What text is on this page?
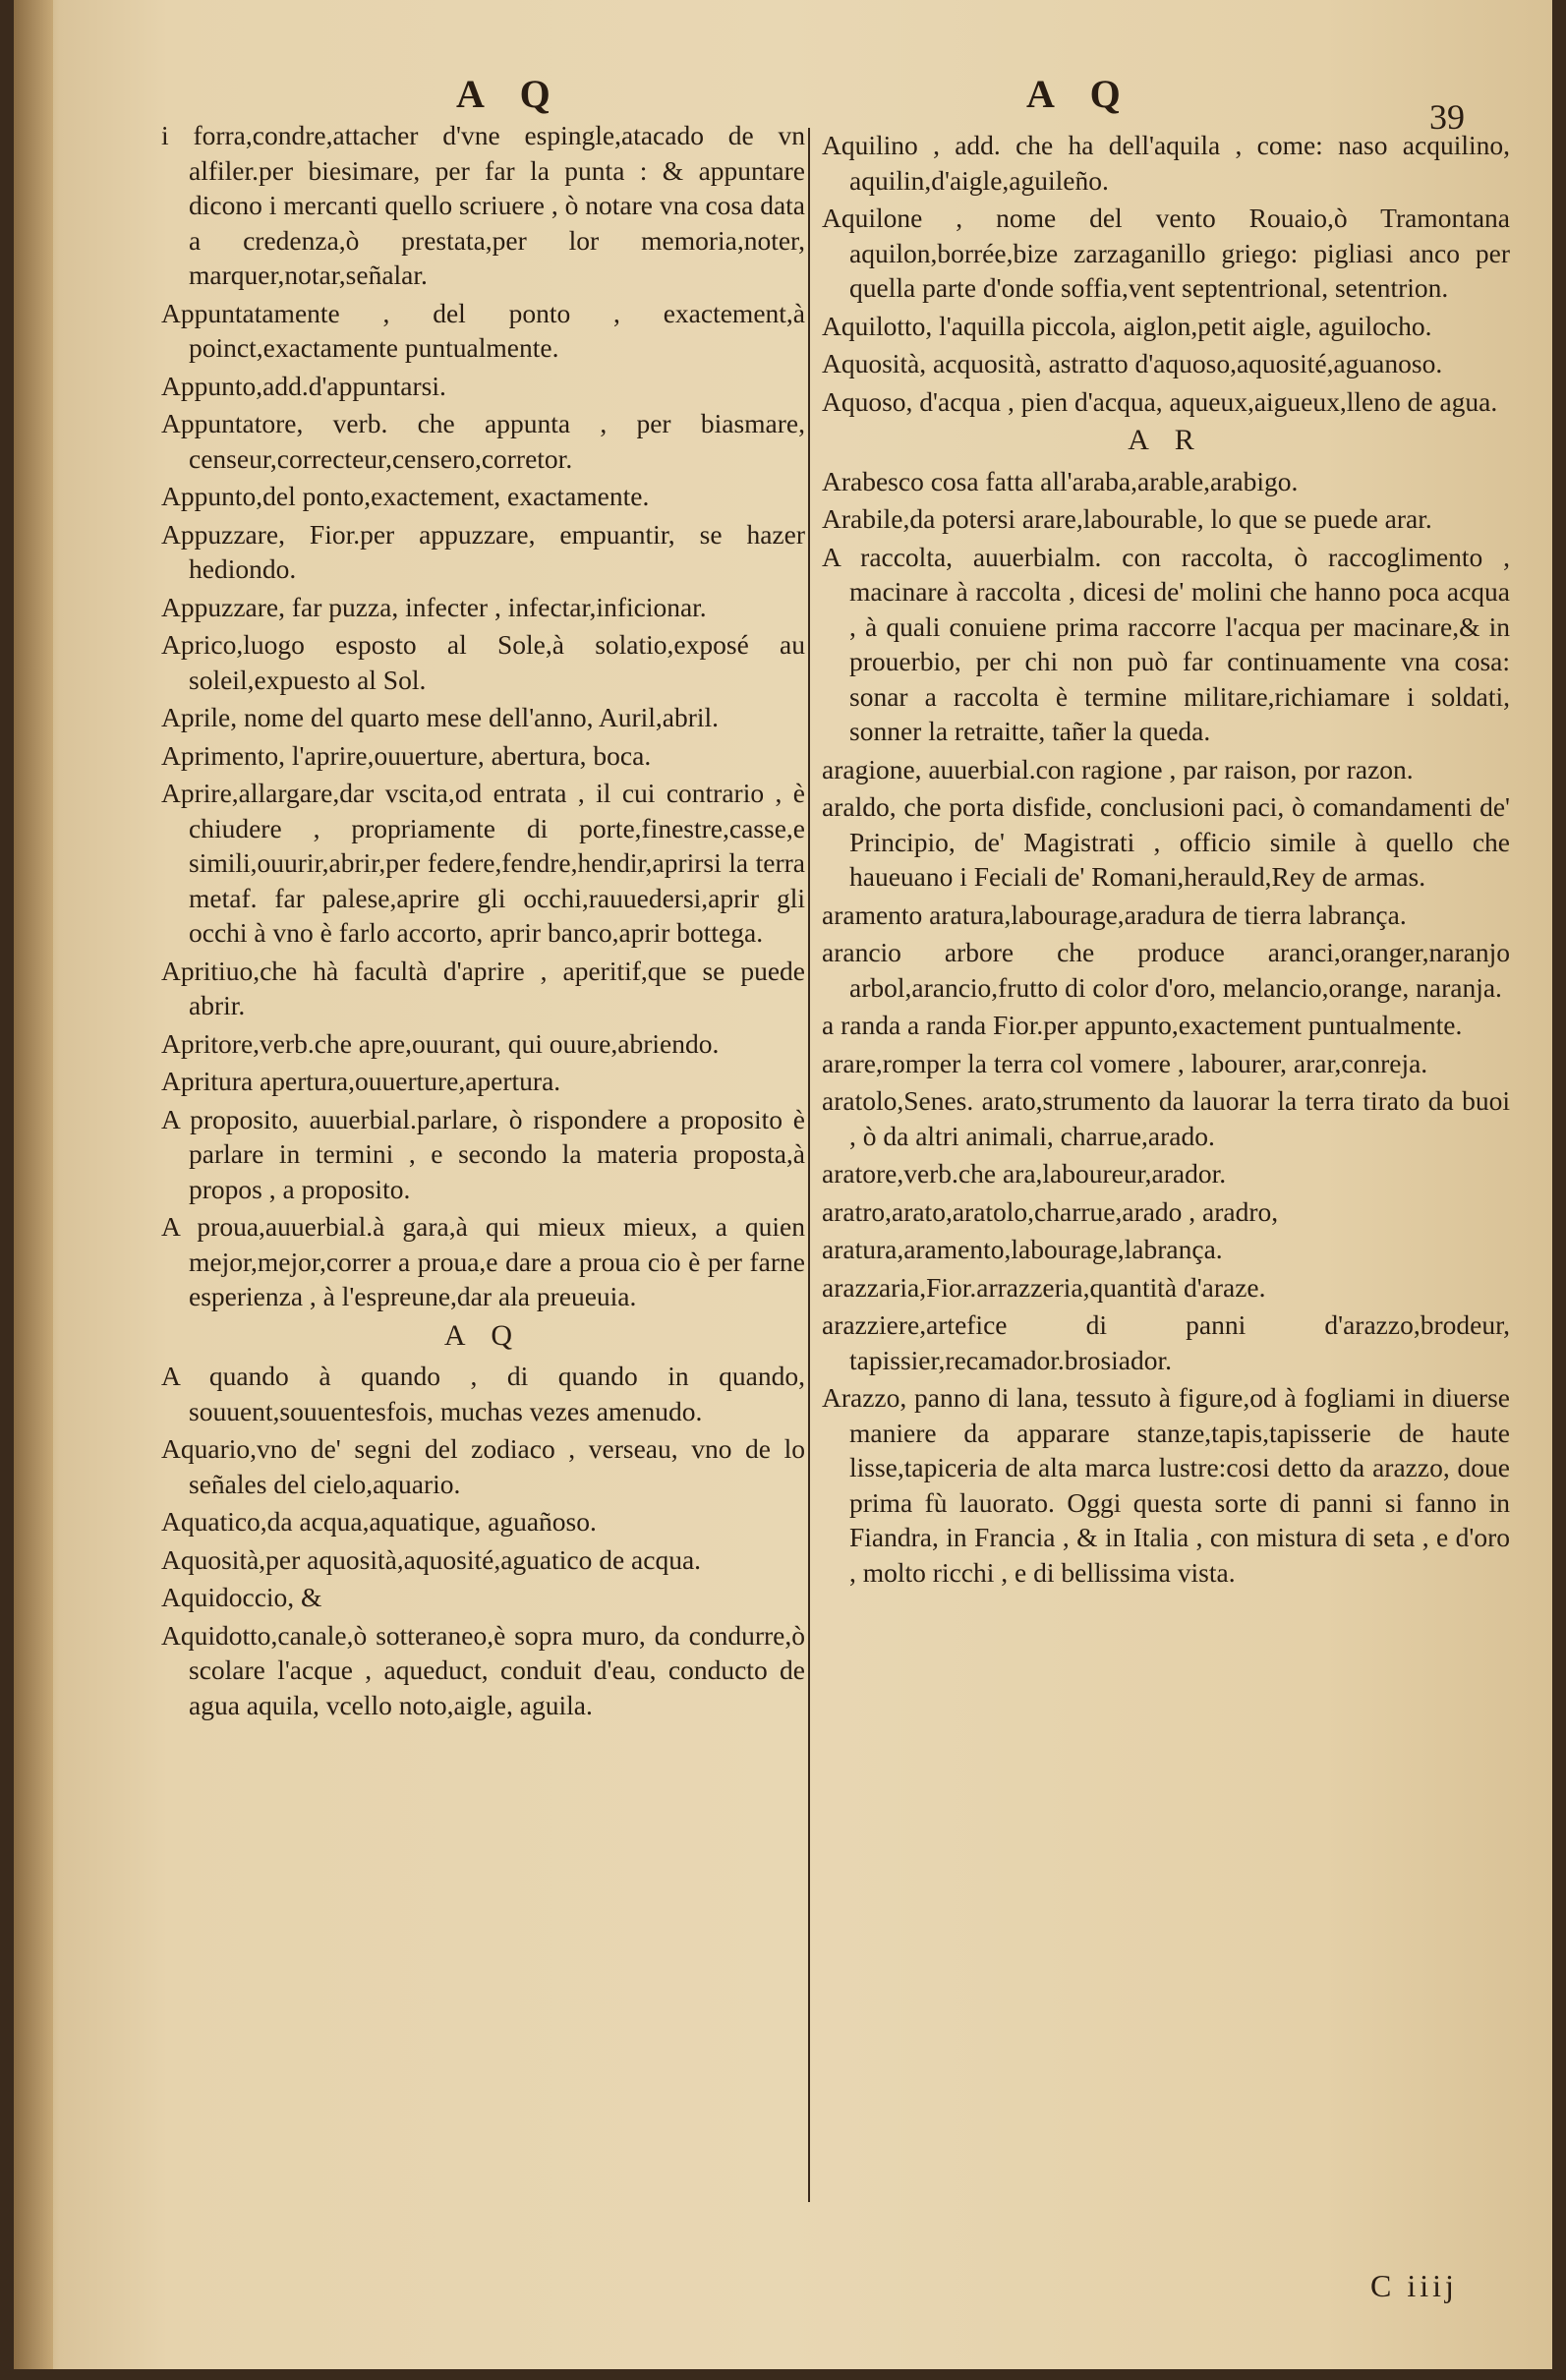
A Q	A Q
39

i forra,condre,attacher d'vne espingle,atacado de vn alfiler.per biesimare, per far la punta : & appuntare dicono i mercanti quello scriuere , ò notare vna cosa data a credenza,ò prestata,per lor memoria,noter, marquer,notar,señalar.

Appuntatamente , del ponto , exactement,à poinct,exactamente puntualmente.

Appunto,add.d'appuntarsi.

Appuntatore, verb. che appunta , per biasmare, censeur,correcteur,censero,corretor.

Appunto,del ponto,exactement, exactamente.

Appuzzare, Fior.per appuzzare, empuantir, se hazer hediondo.

Appuzzare, far puzza, infecter , infectar,inficionar.

Aprico,luogo esposto al Sole,à solatio,exposé au soleil,expuesto al Sol.

Aprile, nome del quarto mese dell'anno, Auril,abril.

Aprimento, l'aprire,ouuerture, abertura, boca.

Aprire,allargare,dar vscita,od entrata , il cui contrario , è chiudere , propriamente di porte,finestre,casse,e simili,ouurir,abrir,per federe,fendre,hendir,aprirsi la terra metaf. far palese,aprire gli occhi,rauuedersi,aprir gli occhi à vno è farlo accorto, aprir banco,aprir bottega.

Apritiuo,che hà facultà d'aprire , aperitif,que se puede abrir.

Apritore,verb.che apre,ouurant, qui ouure,abriendo.

Apritura apertura,ouuerture,apertura.

A proposito, auuerbial.parlare, ò rispondere a proposito è parlare in termini , e secondo la materia proposta,à propos , a proposito.

A proua,auuerbial.à gara,à qui mieux mieux, a quien mejor,mejor,correr a proua,e dare a proua cio è per farne esperienza , à l'espreune,dar ala preueuia.

A Q

A quando à quando , di quando in quando, souuent,souuentesfois, muchas vezes amenudo.

Aquario,vno de' segni del zodiaco , verseau, vno de lo señales del cielo,aquario.

Aquatico,da acqua,aquatique, aguañoso.

Aquosità,per aquosità,aquosité,aguatico de acqua.

Aquidoccio, &

Aquidotto,canale,ò sotteraneo,è sopra muro, da condurre,ò scolare l'acque , aqueduct, conduit d'eau, conducto de agua aquila, vcello noto,aigle, aguila.

Aquilino , add. che ha dell'aquila , come: naso acquilino, aquilin,d'aigle,aguileño.

Aquilone , nome del vento Rouaio,ò Tramontana aquilon,borrée,bize zarzaganillo griego: pigliasi anco per quella parte d'onde soffia,vent septentrional, setentrion.

Aquilotto, l'aquilla piccola, aiglon,petit aigle, aguilocho.

Aquosità, acquosità, astratto d'aquoso,aquosité,aguanoso.

Aquoso, d'acqua , pien d'acqua, aqueux,aigueux,lleno de agua.

A R

Arabesco cosa fatta all'araba,arable,arabigo.

Arabile,da potersi arare,labourable, lo que se puede arar.

A raccolta, auuerbialm. con raccolta, ò raccoglimento , macinare à raccolta , dicesi de' molini che hanno poca acqua , à quali conuiene prima raccorre l'acqua per macinare,& in prouerbio, per chi non può far continuamente vna cosa: sonar a raccolta è termine militare,richiamare i soldati, sonner la retraitte, tañer la queda.

aragione, auuerbial.con ragione , par raison, por razon.

araldo, che porta disfide, conclusioni paci, ò comandamenti de' Principio, de' Magistrati , officio simile à quello che haueuano i Feciali de' Romani,herauld,Rey de armas.

aramento aratura,labourage,aradura de tierra labrança.

arancio arbore che produce aranci,oranger,naranjo arbol,arancio,frutto di color d'oro, melancio,orange, naranja.

a randa a randa Fior.per appunto,exactement puntualmente.

arare,romper la terra col vomere , labourer, arar,conreja.

aratolo,Senes. arato,strumento da lauorar la terra tirato da buoi , ò da altri animali, charrue,arado.

aratore,verb.che ara,laboureur,arador.

aratro,arato,aratolo,charrue,arado , aradro,

aratura,aramento,labourage,labrança.

arazzaria,Fior.arrazzeria,quantità d'araze.

arazziere,artefice di panni d'arazzo,brodeur, tapissier,recamador.brosiador.

Arazzo, panno di lana, tessuto à figure,od à fogliami in diuerse maniere da apparare stanze,tapis,tapisserie de haute lisse,tapiceria de alta marca lustre:cosi detto da arazzo, doue prima fù lauorato. Oggi questa sorte di panni si fanno in Fiandra, in Francia , & in Italia , con mistura di seta , e d'oro , molto ricchi , e di bellissima vista.

C iiij
